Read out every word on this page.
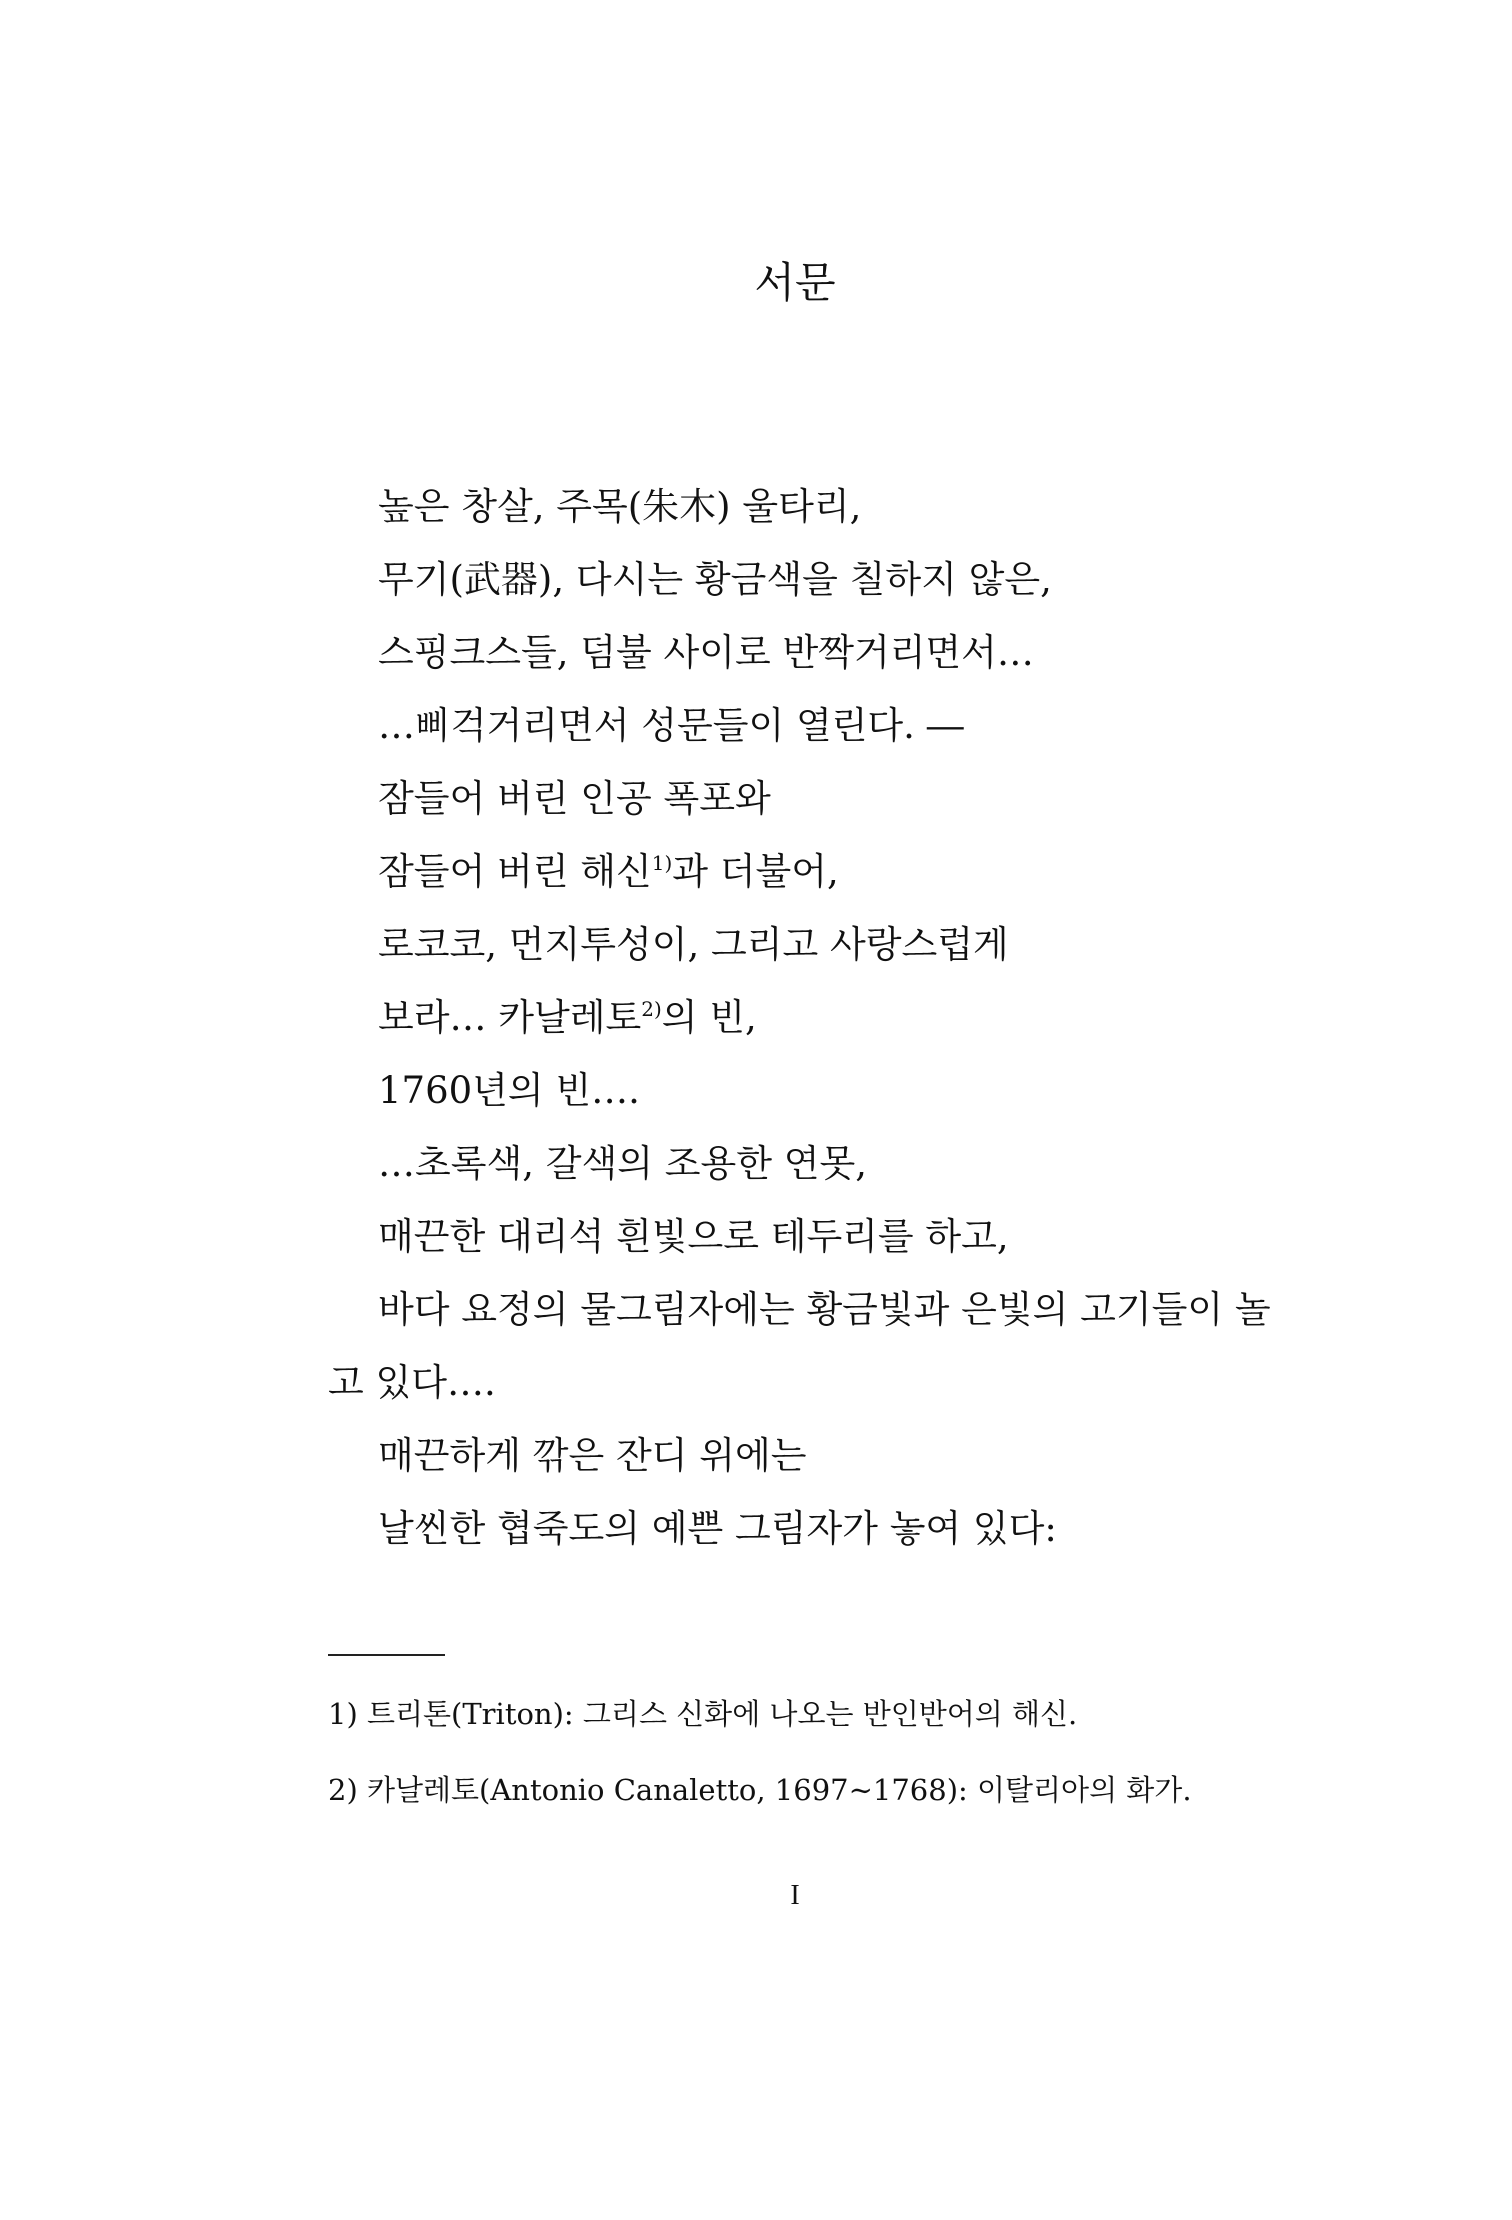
서문
높은 창살, 주목(朱木) 울타리,
무기(武器), 다시는 황금색을 칠하지 않은,
스핑크스들, 덤불 사이로 반짝거리면서…
…삐걱거리면서 성문들이 열린다. ―
잠들어 버린 인공 폭포와
잠들어 버린 해신$^{1)}$과 더불어,
로코코, 먼지투성이, 그리고 사랑스럽게
보라… 카날레토$^{2)}$의 빈,
1760년의 빈….
…초록색, 갈색의 조용한 연못,
매끈한 대리석 흰빛으로 테두리를 하고,
바다 요정의 물그림자에는 황금빛과 은빛의 고기들이 놀
고 있다….
매끈하게 깎은 잔디 위에는
날씬한 협죽도의 예쁜 그림자가 놓여 있다:
1) 트리톤(Triton): 그리스 신화에 나오는 반인반어의 해신.
2) 카날레토(Antonio Canaletto, 1697∼1768): 이탈리아의 화가.
I
